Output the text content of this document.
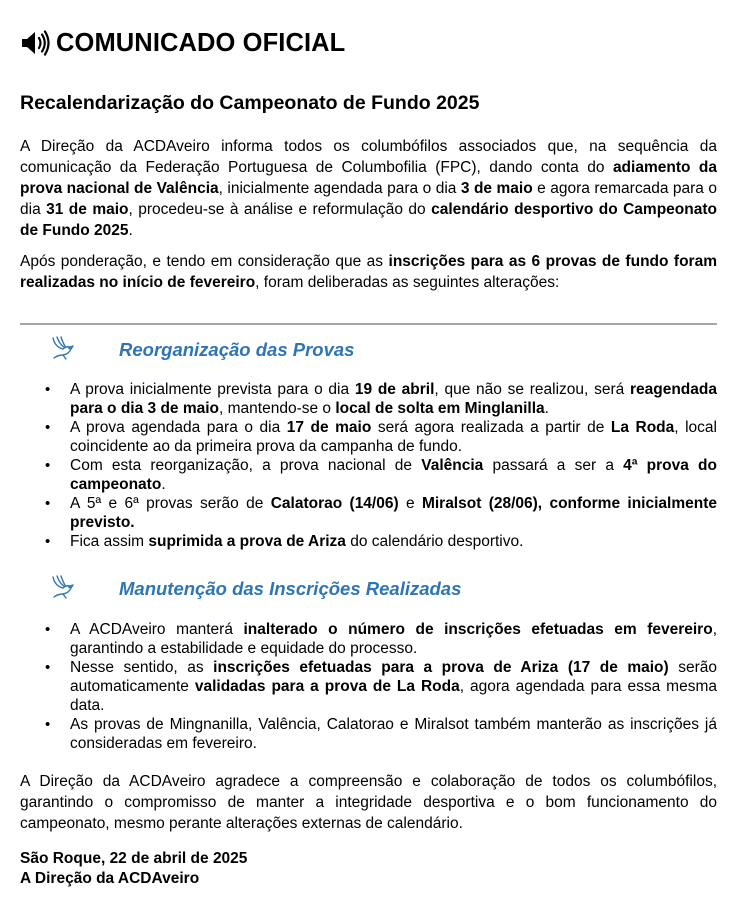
COMUNICADO OFICIAL
Recalendarização do Campeonato de Fundo 2025
A Direção da ACDAveiro informa todos os columbófilos associados que, na sequência da comunicação da Federação Portuguesa de Columbofilia (FPC), dando conta do adiamento da prova nacional de Valência, inicialmente agendada para o dia 3 de maio e agora remarcada para o dia 31 de maio, procedeu-se à análise e reformulação do calendário desportivo do Campeonato de Fundo 2025.
Após ponderação, e tendo em consideração que as inscrições para as 6 provas de fundo foram realizadas no início de fevereiro, foram deliberadas as seguintes alterações:
Reorganização das Provas
• A prova inicialmente prevista para o dia 19 de abril, que não se realizou, será reagendada para o dia 3 de maio, mantendo-se o local de solta em Minglanilla.
• A prova agendada para o dia 17 de maio será agora realizada a partir de La Roda, local coincidente ao da primeira prova da campanha de fundo.
• Com esta reorganização, a prova nacional de Valência passará a ser a 4ª prova do campeonato.
• A 5ª e 6ª provas serão de Calatorao (14/06) e Miralsot (28/06), conforme inicialmente previsto.
• Fica assim suprimida a prova de Ariza do calendário desportivo.
Manutenção das Inscrições Realizadas
• A ACDAveiro manterá inalterado o número de inscrições efetuadas em fevereiro, garantindo a estabilidade e equidade do processo.
• Nesse sentido, as inscrições efetuadas para a prova de Ariza (17 de maio) serão automaticamente validadas para a prova de La Roda, agora agendada para essa mesma data.
• As provas de Mingnanilla, Valência, Calatorao e Miralsot também manterão as inscrições já consideradas em fevereiro.
A Direção da ACDAveiro agradece a compreensão e colaboração de todos os columbófilos, garantindo o compromisso de manter a integridade desportiva e o bom funcionamento do campeonato, mesmo perante alterações externas de calendário.
São Roque, 22 de abril de 2025
A Direção da ACDAveiro
